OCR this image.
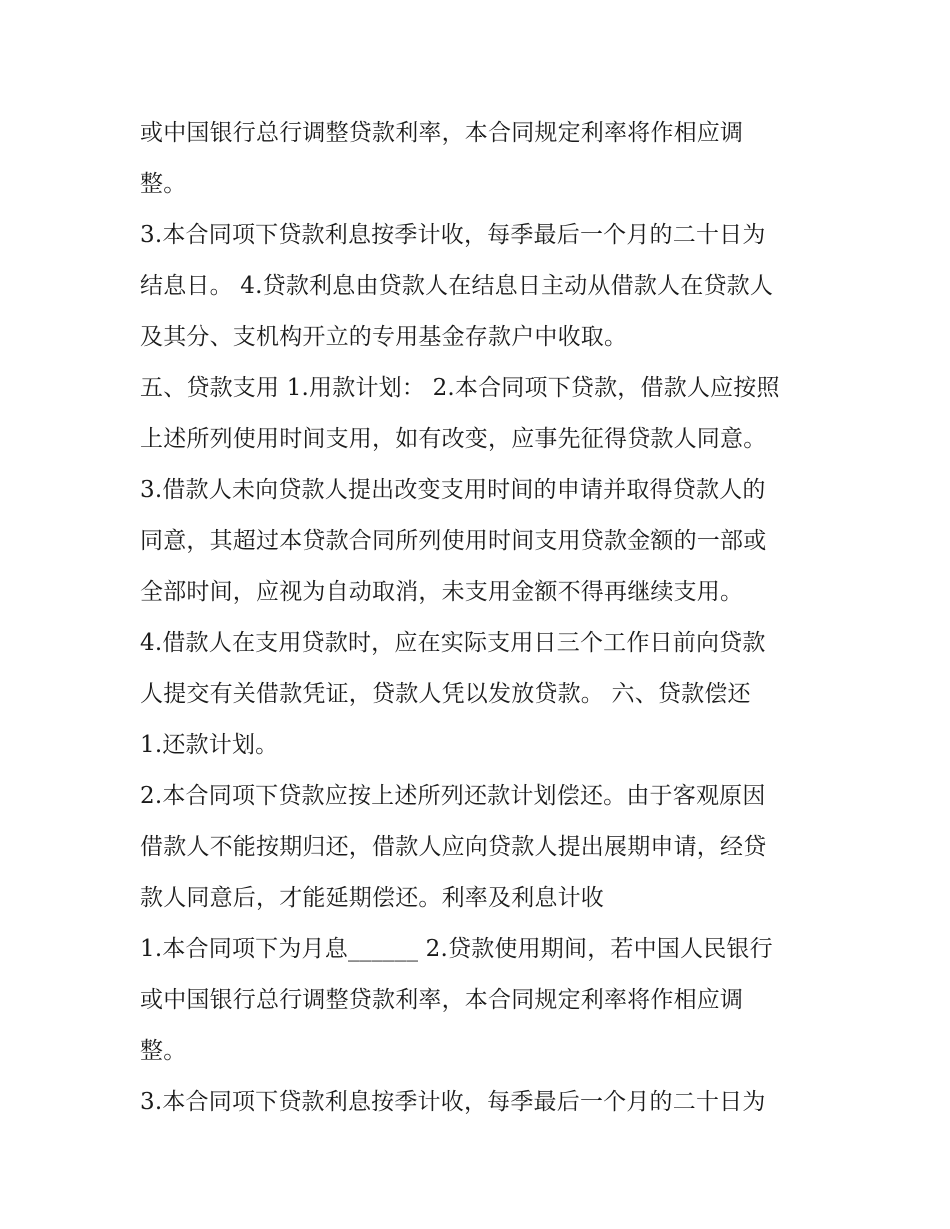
或中国银行总行调整贷款利率，本合同规定利率将作相应调
整。
3.本合同项下贷款利息按季计收，每季最后一个月的二十日为
结息日。 4.贷款利息由贷款人在结息日主动从借款人在贷款人
及其分、支机构开立的专用基金存款户中收取。
五、贷款支用 1.用款计划： 2.本合同项下贷款，借款人应按照
上述所列使用时间支用，如有改变，应事先征得贷款人同意。
3.借款人未向贷款人提出改变支用时间的申请并取得贷款人的
同意，其超过本贷款合同所列使用时间支用贷款金额的一部或
全部时间，应视为自动取消，未支用金额不得再继续支用。
4.借款人在支用贷款时，应在实际支用日三个工作日前向贷款
人提交有关借款凭证，贷款人凭以发放贷款。 六、贷款偿还
1.还款计划。
2.本合同项下贷款应按上述所列还款计划偿还。由于客观原因
借款人不能按期归还，借款人应向贷款人提出展期申请，经贷
款人同意后，才能延期偿还。利率及利息计收
1.本合同项下为月息______ 2.贷款使用期间，若中国人民银行
或中国银行总行调整贷款利率，本合同规定利率将作相应调
整。
3.本合同项下贷款利息按季计收，每季最后一个月的二十日为
